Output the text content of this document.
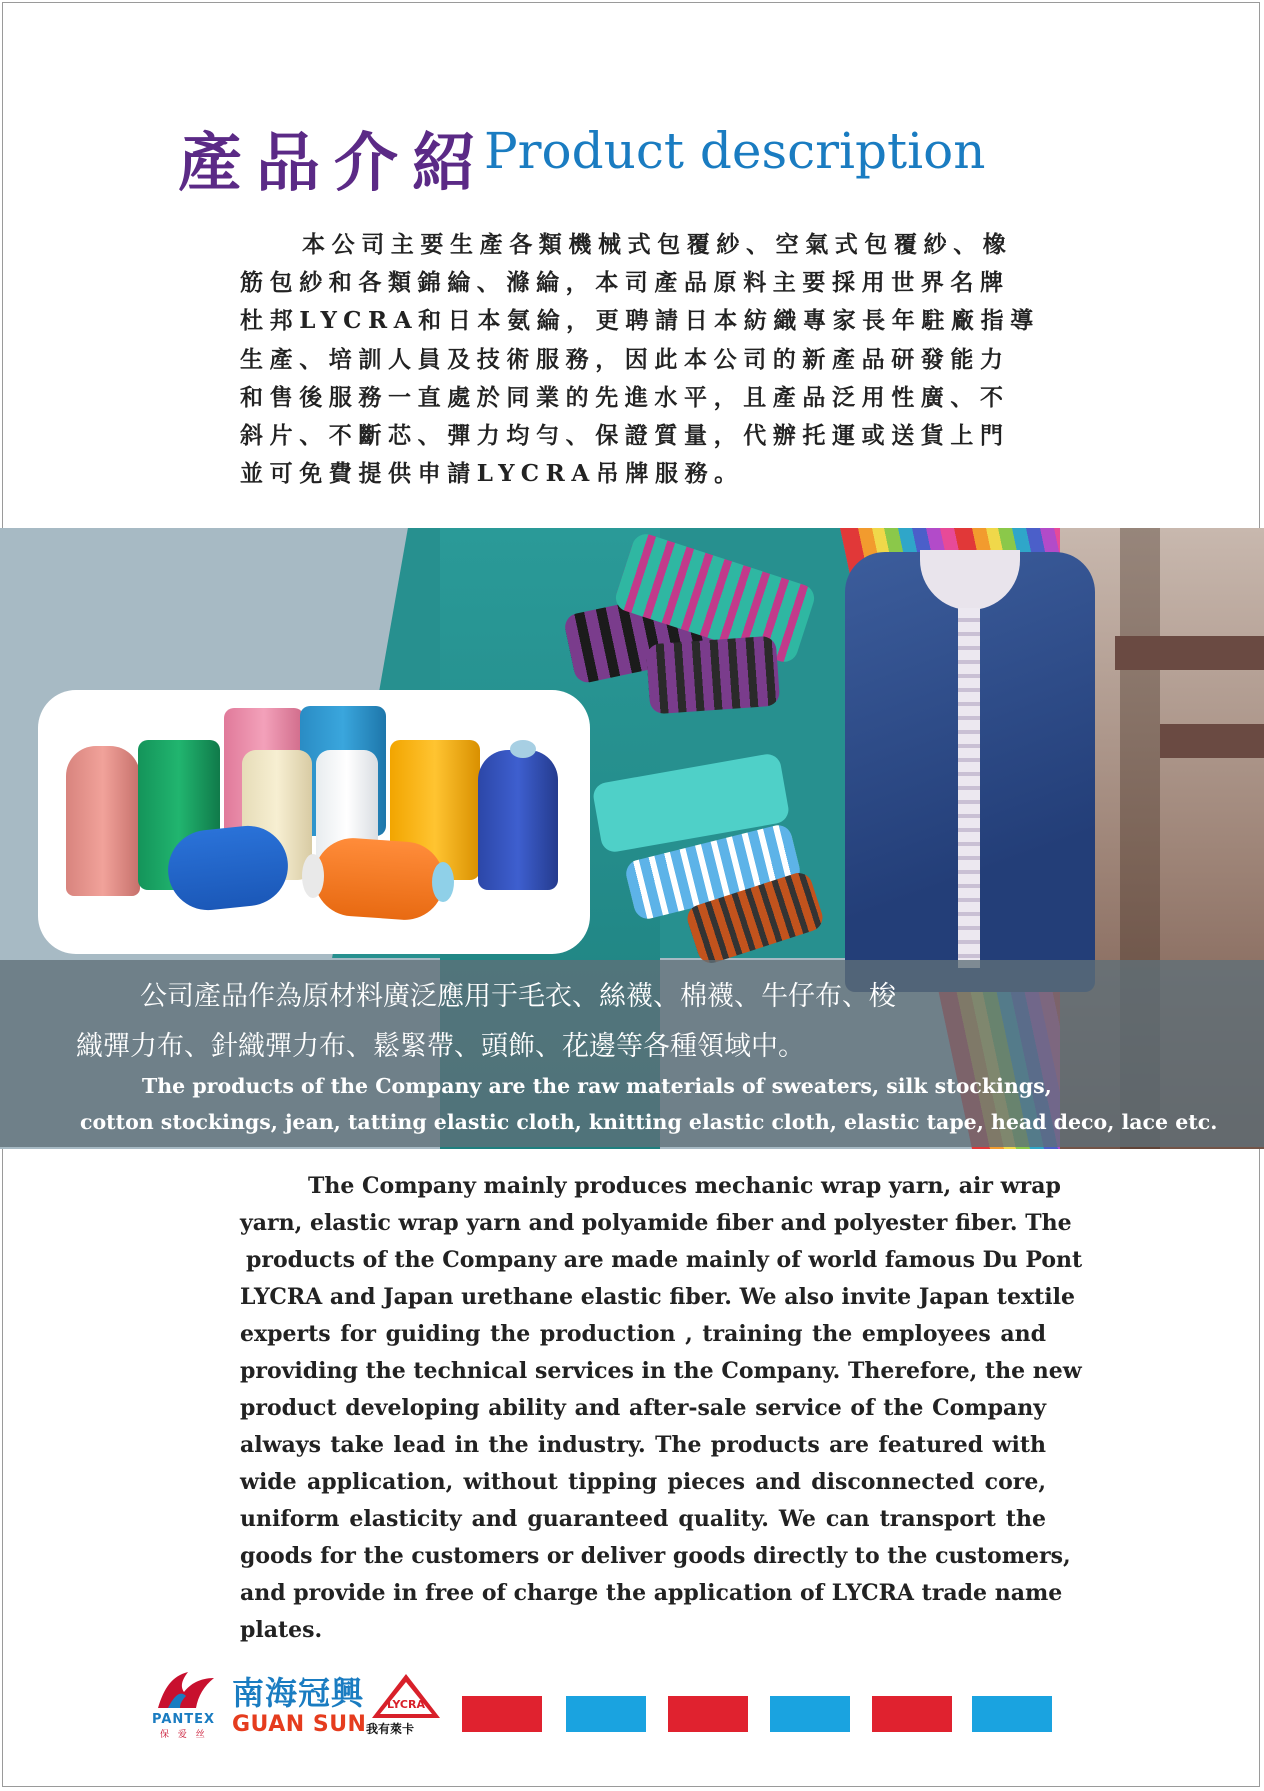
產品介紹
Product description
本公司主要生產各類機械式包覆紗、空氣式包覆紗、橡
筋包紗和各類錦綸、滌綸，本司產品原料主要採用世界名牌
杜邦LYCRA和日本氨綸，更聘請日本紡織專家長年駐廠指導
生產、培訓人員及技術服務，因此本公司的新產品研發能力
和售後服務一直處於同業的先進水平，且產品泛用性廣、不
斜片、不斷芯、彈力均勻、保證質量，代辦托運或送貨上門
並可免費提供申請LYCRA吊牌服務。
公司產品作為原材料廣泛應用于毛衣、絲襪、棉襪、牛仔布、梭
織彈力布、針織彈力布、鬆緊帶、頭飾、花邊等各種領域中。
The products of the Company are the raw materials of sweaters, silk stockings,
cotton stockings, jean, tatting elastic cloth, knitting elastic cloth, elastic tape, head deco, lace etc.
The Company mainly produces mechanic wrap yarn, air wrap
yarn, elastic wrap yarn and polyamide fiber and polyester fiber. The
products of the Company are made mainly of world famous Du Pont
LYCRA and Japan urethane elastic fiber. We also invite Japan textile
experts for guiding the production , training the employees and
providing the technical services in the Company. Therefore, the new
product developing ability and after-sale service of the Company
always take lead in the industry. The products are featured with
wide application, without tipping pieces and disconnected core,
uniform elasticity and guaranteed quality. We can transport the
goods for the customers or deliver goods directly to the customers,
and provide in free of charge the application of LYCRA trade name
plates.
PANTEX
保 爱 丝
南海冠興
GUAN SUN
LYCRA
我有萊卡
